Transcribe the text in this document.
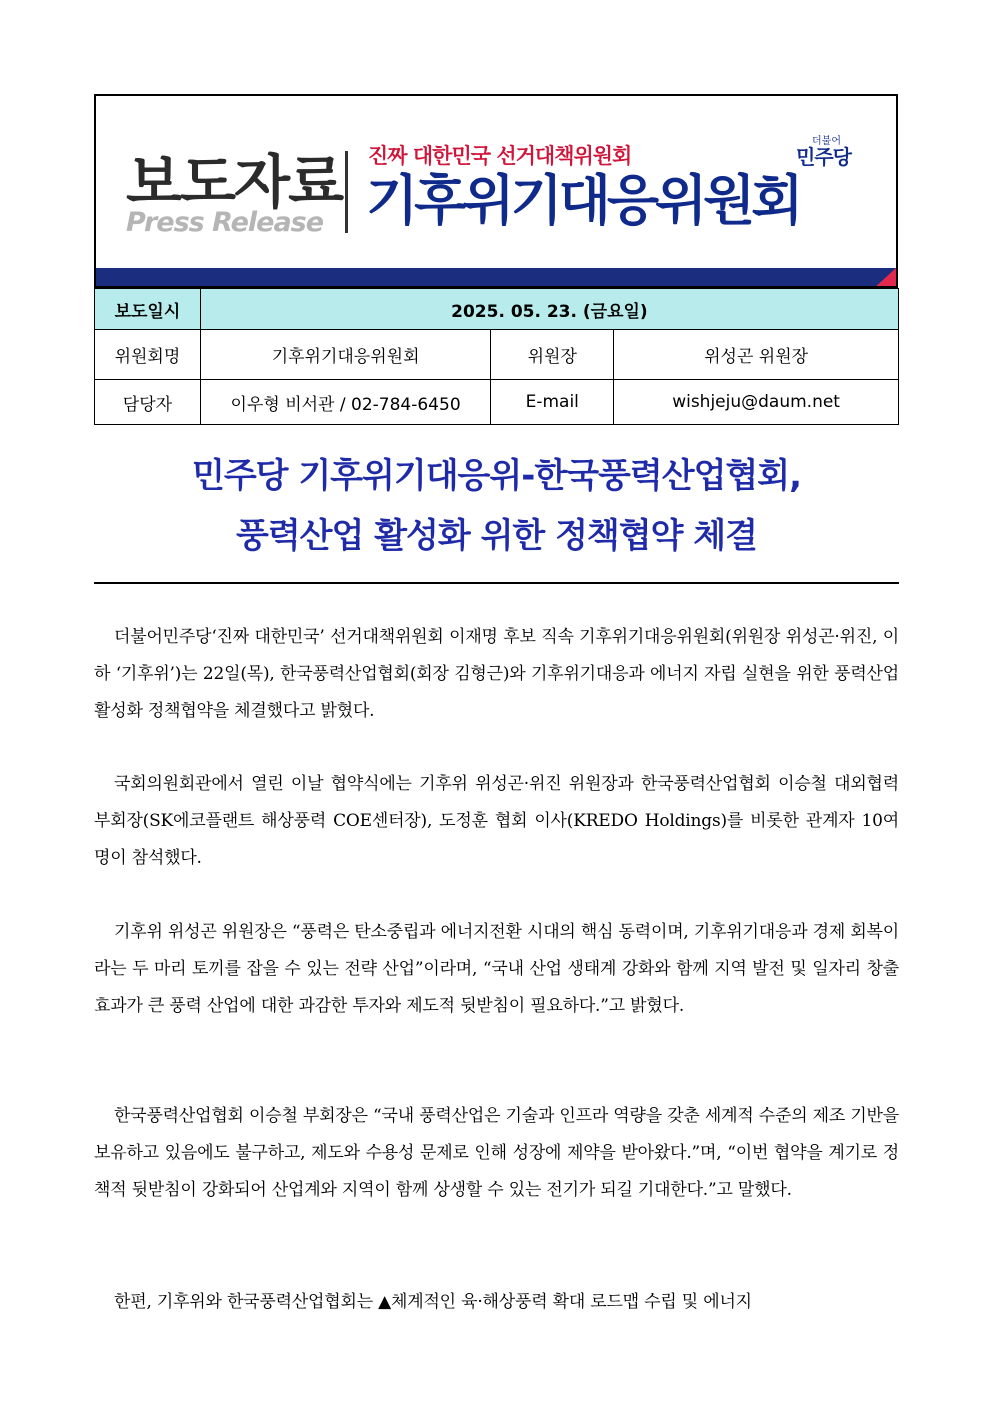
보도자료
Press Release
진짜 대한민국 선거대책위원회
기후위기대응위원회
더불어
민주당
보도일시	2025. 05. 23. (금요일)		
위원회명	기후위기대응위원회	위원장	위성곤 위원장
담당자	이우형 비서관 / 02-784-6450	E-mail	wishjeju@daum.net
민주당 기후위기대응위-한국풍력산업협회,
풍력산업 활성화 위한 정책협약 체결
더불어민주당‘진짜 대한민국’ 선거대책위원회 이재명 후보 직속 기후위기대응위원회(위원장 위성곤·위진, 이하 ‘기후위’)는 22일(목), 한국풍력산업협회(회장 김형근)와 기후위기대응과 에너지 자립 실현을 위한 풍력산업 활성화 정책협약을 체결했다고 밝혔다.
국회의원회관에서 열린 이날 협약식에는 기후위 위성곤·위진 위원장과 한국풍력산업협회 이승철 대외협력 부회장(SK에코플랜트 해상풍력 COE센터장), 도정훈 협회 이사(KREDO Holdings)를 비롯한 관계자 10여 명이 참석했다.
기후위 위성곤 위원장은 “풍력은 탄소중립과 에너지전환 시대의 핵심 동력이며, 기후위기대응과 경제 회복이라는 두 마리 토끼를 잡을 수 있는 전략 산업”이라며, “국내 산업 생태계 강화와 함께 지역 발전 및 일자리 창출 효과가 큰 풍력 산업에 대한 과감한 투자와 제도적 뒷받침이 필요하다.”고 밝혔다.
한국풍력산업협회 이승철 부회장은 “국내 풍력산업은 기술과 인프라 역량을 갖춘 세계적 수준의 제조 기반을 보유하고 있음에도 불구하고, 제도와 수용성 문제로 인해 성장에 제약을 받아왔다.”며, “이번 협약을 계기로 정책적 뒷받침이 강화되어 산업계와 지역이 함께 상생할 수 있는 전기가 되길 기대한다.”고 말했다.
한편, 기후위와 한국풍력산업협회는 ▲체계적인 육·해상풍력 확대 로드맵 수립 및 에너지
